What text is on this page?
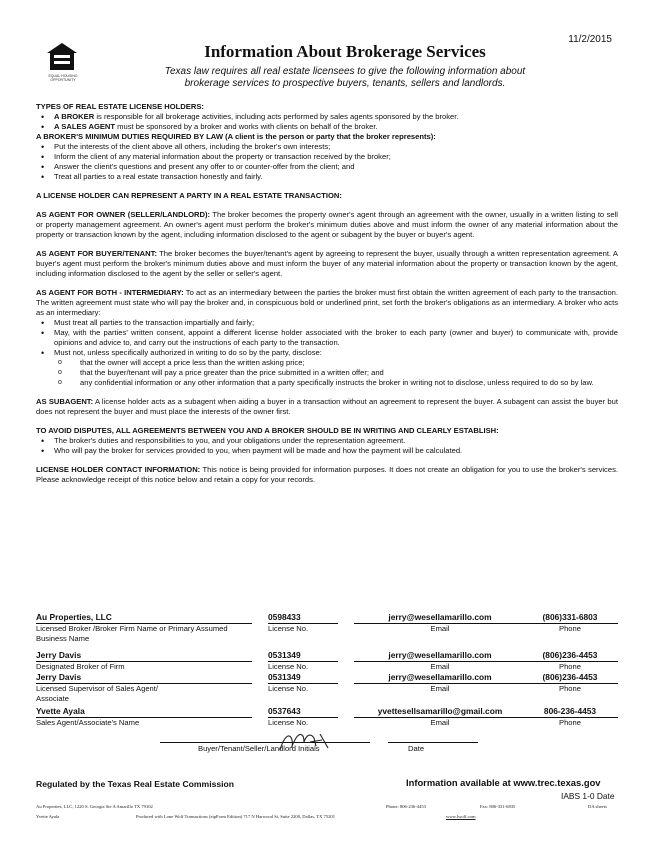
11/2/2015
EQUAL HOUSING OPPORTUNITY
Information About Brokerage Services
Texas law requires all real estate licensees to give the following information about
brokerage services to prospective buyers, tenants, sellers and landlords.

TYPES OF REAL ESTATE LICENSE HOLDERS:

• A BROKER is responsible for all brokerage activities, including acts performed by sales agents sponsored by the broker.
• A SALES AGENT must be sponsored by a broker and works with clients on behalf of the broker.

A BROKER'S MINIMUM DUTIES REQUIRED BY LAW (A client is the person or party that the broker represents):

• Put the interests of the client above all others, including the broker's own interests;
• Inform the client of any material information about the property or transaction received by the broker;
• Answer the client's questions and present any offer to or counter-offer from the client; and
• Treat all parties to a real estate transaction honestly and fairly.

A LICENSE HOLDER CAN REPRESENT A PARTY IN A REAL ESTATE TRANSACTION:

AS AGENT FOR OWNER (SELLER/LANDLORD): The broker becomes the property owner's agent through an agreement with the owner, usually in a written listing to sell or property management agreement. An owner's agent must perform the broker's minimum duties above and must inform the owner of any material information about the property or transaction known by the agent, including information disclosed to the agent or subagent by the buyer or buyer's agent.

AS AGENT FOR BUYER/TENANT: The broker becomes the buyer/tenant's agent by agreeing to represent the buyer, usually through a written representation agreement. A buyer's agent must perform the broker's minimum duties above and must inform the buyer of any material information about the property or transaction known by the agent, including information disclosed to the agent by the seller or seller's agent.

AS AGENT FOR BOTH - INTERMEDIARY: To act as an intermediary between the parties the broker must first obtain the written agreement of each party to the transaction. The written agreement must state who will pay the broker and, in conspicuous bold or underlined print, set forth the broker's obligations as an intermediary. A broker who acts as an intermediary:

• Must treat all parties to the transaction impartially and fairly;
• May, with the parties' written consent, appoint a different license holder associated with the broker to each party (owner and buyer) to communicate with, provide opinions and advice to, and carry out the instructions of each party to the transaction.
• Must not, unless specifically authorized in writing to do so by the party, disclose:
o that the owner will accept a price less than the written asking price;
o that the buyer/tenant will pay a price greater than the price submitted in a written offer; and
o any confidential information or any other information that a party specifically instructs the broker in writing not to disclose, unless required to do so by law.

AS SUBAGENT: A license holder acts as a subagent when aiding a buyer in a transaction without an agreement to represent the buyer. A subagent can assist the buyer but does not represent the buyer and must place the interests of the owner first.

TO AVOID DISPUTES, ALL AGREEMENTS BETWEEN YOU AND A BROKER SHOULD BE IN WRITING AND CLEARLY ESTABLISH:

• The broker's duties and responsibilities to you, and your obligations under the representation agreement.
• Who will pay the broker for services provided to you, when payment will be made and how the payment will be calculated.

LICENSE HOLDER CONTACT INFORMATION: This notice is being provided for information purposes. It does not create an obligation for you to use the broker's services. Please acknowledge receipt of this notice below and retain a copy for your records.

Au Properties, LLC	0598433	jerry@wesellamarillo.com	(806)331-6803
Licensed Broker /Broker Firm Name or Primary Assumed Business Name
License No.	Email	Phone
Jerry Davis	0531349	jerry@wesellamarillo.com	(806)236-4453
Designated Broker of Firm	License No.	Email	Phone
Jerry Davis	0531349	jerry@wesellamarillo.com	(806)236-4453
Licensed Supervisor of Sales Agent/ Associate
License No.	Email	Phone
Yvette Ayala	0537643	yvettesellsamarillo@gmail.com	806-236-4453
Sales Agent/Associate's Name	License No.	Email	Phone
Buyer/Tenant/Seller/Landlord Initials	Date
Regulated by the Texas Real Estate Commission	Information available at www.trec.texas.gov
IABS 1-0 Date
Au Properties, LLC, 1220 S. Georgia Ste A Amarillo TX 79102
Yvette Ayala
Phone: 806-236-4453	Fax: 806-331-6835	DA sheets
Produced with Lone Wolf Transactions (zipForm Edition) 717 N Harwood St, Suite 2200, Dallas, TX 75201	www.lwolf.com
